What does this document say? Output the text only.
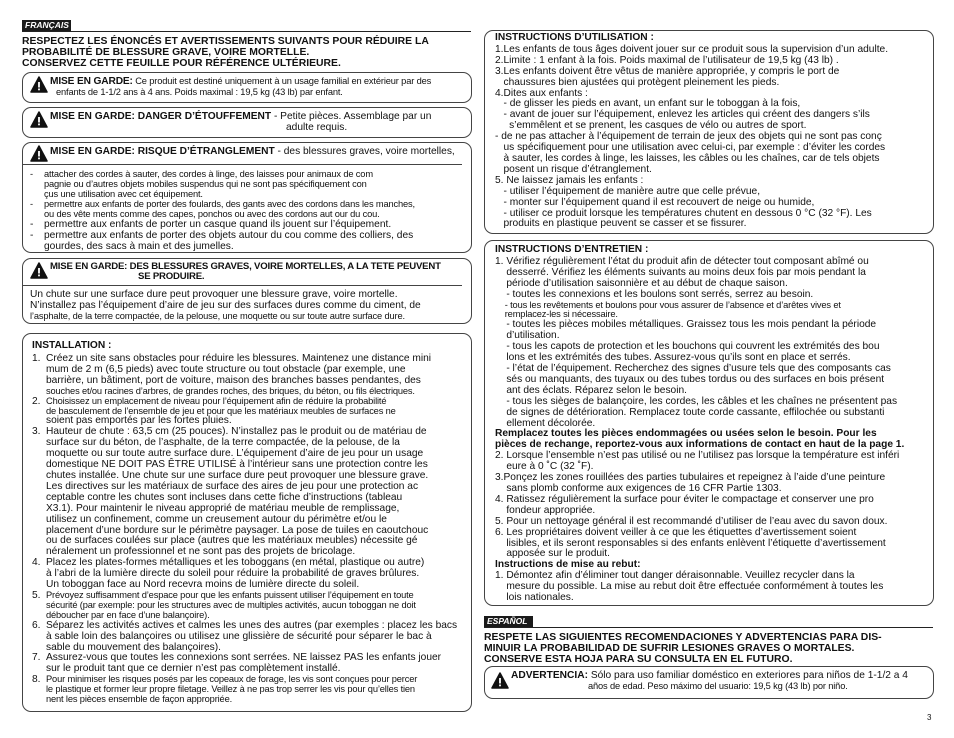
FRANÇAIS
RESPECTEZ LES ÉNONCÉS ET AVERTISSEMENTS SUIVANTS POUR RÉDUIRE LA
PROBABILITÉ DE BLESSURE GRAVE, VOIRE MORTELLE.
CONSERVEZ CETTE FEUILLE POUR RÉFÉRENCE ULTÉRIEURE.
MISE EN GARDE: Ce produit est destiné uniquement à un usage familial en extérieur par des
enfants de 1-1/2 ans à 4 ans. Poids maximal : 19,5 kg (43 lb) par enfant.
MISE EN GARDE: DANGER D’ÉTOUFFEMENT - Petite pièces. Assemblage par un
adulte requis.
MISE EN GARDE: RISQUE D’ÉTRANGLEMENT - des blessures graves, voire mortelles,
- attacher des cordes à sauter, des cordes à linge, des laisses pour animaux de com
pagnie ou d’autres objets mobiles suspendus qui ne sont pas spécifiquement con
çus une utilisation avec cet équipement.
- permettre aux enfants de porter des foulards, des gants avec des cordons dans les manches,
ou des vête ments comme des capes, ponchos ou avec des cordons aut our du cou.
- permettre aux enfants de porter un casque quand ils jouent sur l’équipement.
- permettre aux enfants de porter des objets autour du cou comme des colliers, des
gourdes, des sacs à main et des jumelles.
MISE EN GARDE: DES BLESSURES GRAVES, VOIRE MORTELLES, A LA TETE PEUVENT
SE PRODUIRE.
Un chute sur une surface dure peut provoquer une blessure grave, voire mortelle.
N’installez pas l’équipement d’aire de jeu sur des surfaces dures comme du ciment, de
l’asphalte, de la terre compactée, de la pelouse, une moquette ou sur toute autre surface dure.
INSTALLATION :
1. Créez un site sans obstacles pour réduire les blessures. Maintenez une distance mini
mum de 2 m (6,5 pieds) avec toute structure ou tout obstacle (par exemple, une
barrière, un bâtiment, port de voiture, maison des branches basses pendantes, des
souches et/ou racines d’arbres, de grandes roches, des briques, du béton, ou fils électriques.
2. Choisissez un emplacement de niveau pour l’équipement afin de réduire la probabilité
de basculement de l’ensemble de jeu et pour que les matériaux meubles de surfaces ne
soient pas emportés par les fortes pluies.
3. Hauteur de chute : 63,5 cm (25 pouces). N’installez pas le produit ou de matériau de
surface sur du béton, de l’asphalte, de la terre compactée, de la pelouse, de la
moquette ou sur toute autre surface dure. L’équipement d’aire de jeu pour un usage
domestique NE DOIT PAS ÊTRE UTILISÉ à l’intérieur sans une protection contre les
chutes installée. Une chute sur une surface dure peut provoquer une blessure grave.
Les directives sur les matériaux de surface des aires de jeu pour une protection ac
ceptable contre les chutes sont incluses dans cette fiche d’instructions (tableau
X3.1). Pour maintenir le niveau approprié de matériau meuble de remplissage,
utilisez un confinement, comme un creusement autour du périmètre et/ou le
placement d’une bordure sur le périmètre paysager. La pose de tuiles en caoutchouc
ou de surfaces coulées sur place (autres que les matériaux meubles) nécessite gé
néralement un professionnel et ne sont pas des projets de bricolage.
4. Placez les plates-formes métalliques et les toboggans (en métal, plastique ou autre)
à l’abri de la lumière directe du soleil pour réduire la probabilité de graves brûlures.
Un toboggan face au Nord recevra moins de lumière directe du soleil.
5. Prévoyez suffisamment d’espace pour que les enfants puissent utiliser l’équipement en toute
sécurité (par exemple: pour les structures avec de multiples activités, aucun toboggan ne doit
déboucher par en face d’une balançoire).
6. Séparez les activités actives et calmes les unes des autres (par exemples : placez les bacs
à sable loin des balançoires ou utilisez une glissière de sécurité pour séparer le bac à
sable du mouvement des balançoires).
7. Assurez-vous que toutes les connexions sont serrées. NE laissez PAS les enfants jouer
sur le produit tant que ce dernier n’est pas complètement installé.
8. Pour minimiser les risques posés par les copeaux de forage, les vis sont conçues pour percer
le plastique et former leur propre filetage. Veillez à ne pas trop serrer les vis pour qu’elles tien
nent les pièces ensemble de façon appropriée.
INSTRUCTIONS D’UTILISATION :
1.Les enfants de tous âges doivent jouer sur ce produit sous la supervision d’un adulte.
2.Limite : 1 enfant à la fois. Poids maximal de l’utilisateur de 19,5 kg (43 lb) .
3.Les enfants doivent être vêtus de manière appropriée, y compris le port de
chaussures bien ajustées qui protègent pleinement les pieds.
4.Dites aux enfants :
- de glisser les pieds en avant, un enfant sur le toboggan à la fois,
- avant de jouer sur l’équipement, enlevez les articles qui créent des dangers s’ils
s’emmêlent et se prenent, les casques de vélo ou autres de sport.
- de ne pas attacher à l’équipement de terrain de jeux des objets qui ne sont pas conç
us spécifiquement pour une utilisation avec celui-ci, par exemple : d’éviter les cordes
à sauter, les cordes à linge, les laisses, les câbles ou les chaînes, car de tels objets
posent un risque d’étranglement.
5. Ne laissez jamais les enfants :
- utiliser l’équipement de manière autre que celle prévue,
- monter sur l’équipement quand il est recouvert de neige ou humide,
- utiliser ce produit lorsque les températures chutent en dessous 0 °C (32 °F). Les
produits en plastique peuvent se casser et se fissurer.
INSTRUCTIONS D’ENTRETIEN :
1. Vérifiez régulièrement l’état du produit afin de détecter tout composant abîmé ou
desserré. Vérifiez les éléments suivants au moins deux fois par mois pendant la
période d’utilisation saisonnière et au début de chaque saison.
- toutes les connexions et les boulons sont serrés, serrez au besoin.
- tous les revêtements et boulons pour vous assurer de l’absence et d’arêtes vives et
remplacez-les si nécessaire.
- toutes les pièces mobiles métalliques. Graissez tous les mois pendant la période
d’utilisation.
- tous les capots de protection et les bouchons qui couvrent les extrémités des bou
lons et les extrémités des tubes. Assurez-vous qu’ils sont en place et serrés.
- l’état de l’équipement. Recherchez des signes d’usure tels que des composants cas
sés ou manquants, des tuyaux ou des tubes tordus ou des surfaces en bois présent
ant des éclats. Réparez selon le besoin.
- tous les sièges de balançoire, les cordes, les câbles et les chaînes ne présentent pas
de signes de détérioration. Remplacez toute corde cassante, effilochée ou substanti
ellement décolorée.
Remplacez toutes les pièces endommagées ou usées selon le besoin. Pour les
pièces de rechange, reportez-vous aux informations de contact en haut de la page 1.
2. Lorsque l’ensemble n’est pas utilisé ou ne l’utilisez pas lorsque la température est inféri
eure à 0 ˚C (32 ˚F).
3.Ponçez les zones rouillées des parties tubulaires et repeignez à l’aide d’une peinture
sans plomb conforme aux exigences de 16 CFR Partie 1303.
4. Ratissez régulièrement la surface pour éviter le compactage et conserver une pro
fondeur appropriée.
5. Pour un nettoyage général il est recommandé d’utiliser de l’eau avec du savon doux.
6. Les propriétaires doivent veiller à ce que les étiquettes d’avertissement soient
lisibles, et ils seront responsables si des enfants enlèvent l’étiquette d’avertissement
apposée sur le produit.
Instructions de mise au rebut:
1. Démontez afin d’éliminer tout danger déraisonnable. Veuillez recycler dans la
mesure du possible. La mise au rebut doit être effectuée conformément à toutes les
lois nationales.
ESPAÑOL
RESPETE LAS SIGUIENTES RECOMENDACIONES Y ADVERTENCIAS PARA DIS-
MINUIR LA PROBABILIDAD DE SUFRIR LESIONES GRAVES O MORTALES.
CONSERVE ESTA HOJA PARA SU CONSULTA EN EL FUTURO.
ADVERTENCIA: Sólo para uso familiar doméstico en exteriores para niños de 1-1/2 a 4
años de edad. Peso máximo del usuario: 19,5 kg (43 lb) por niño.
3
